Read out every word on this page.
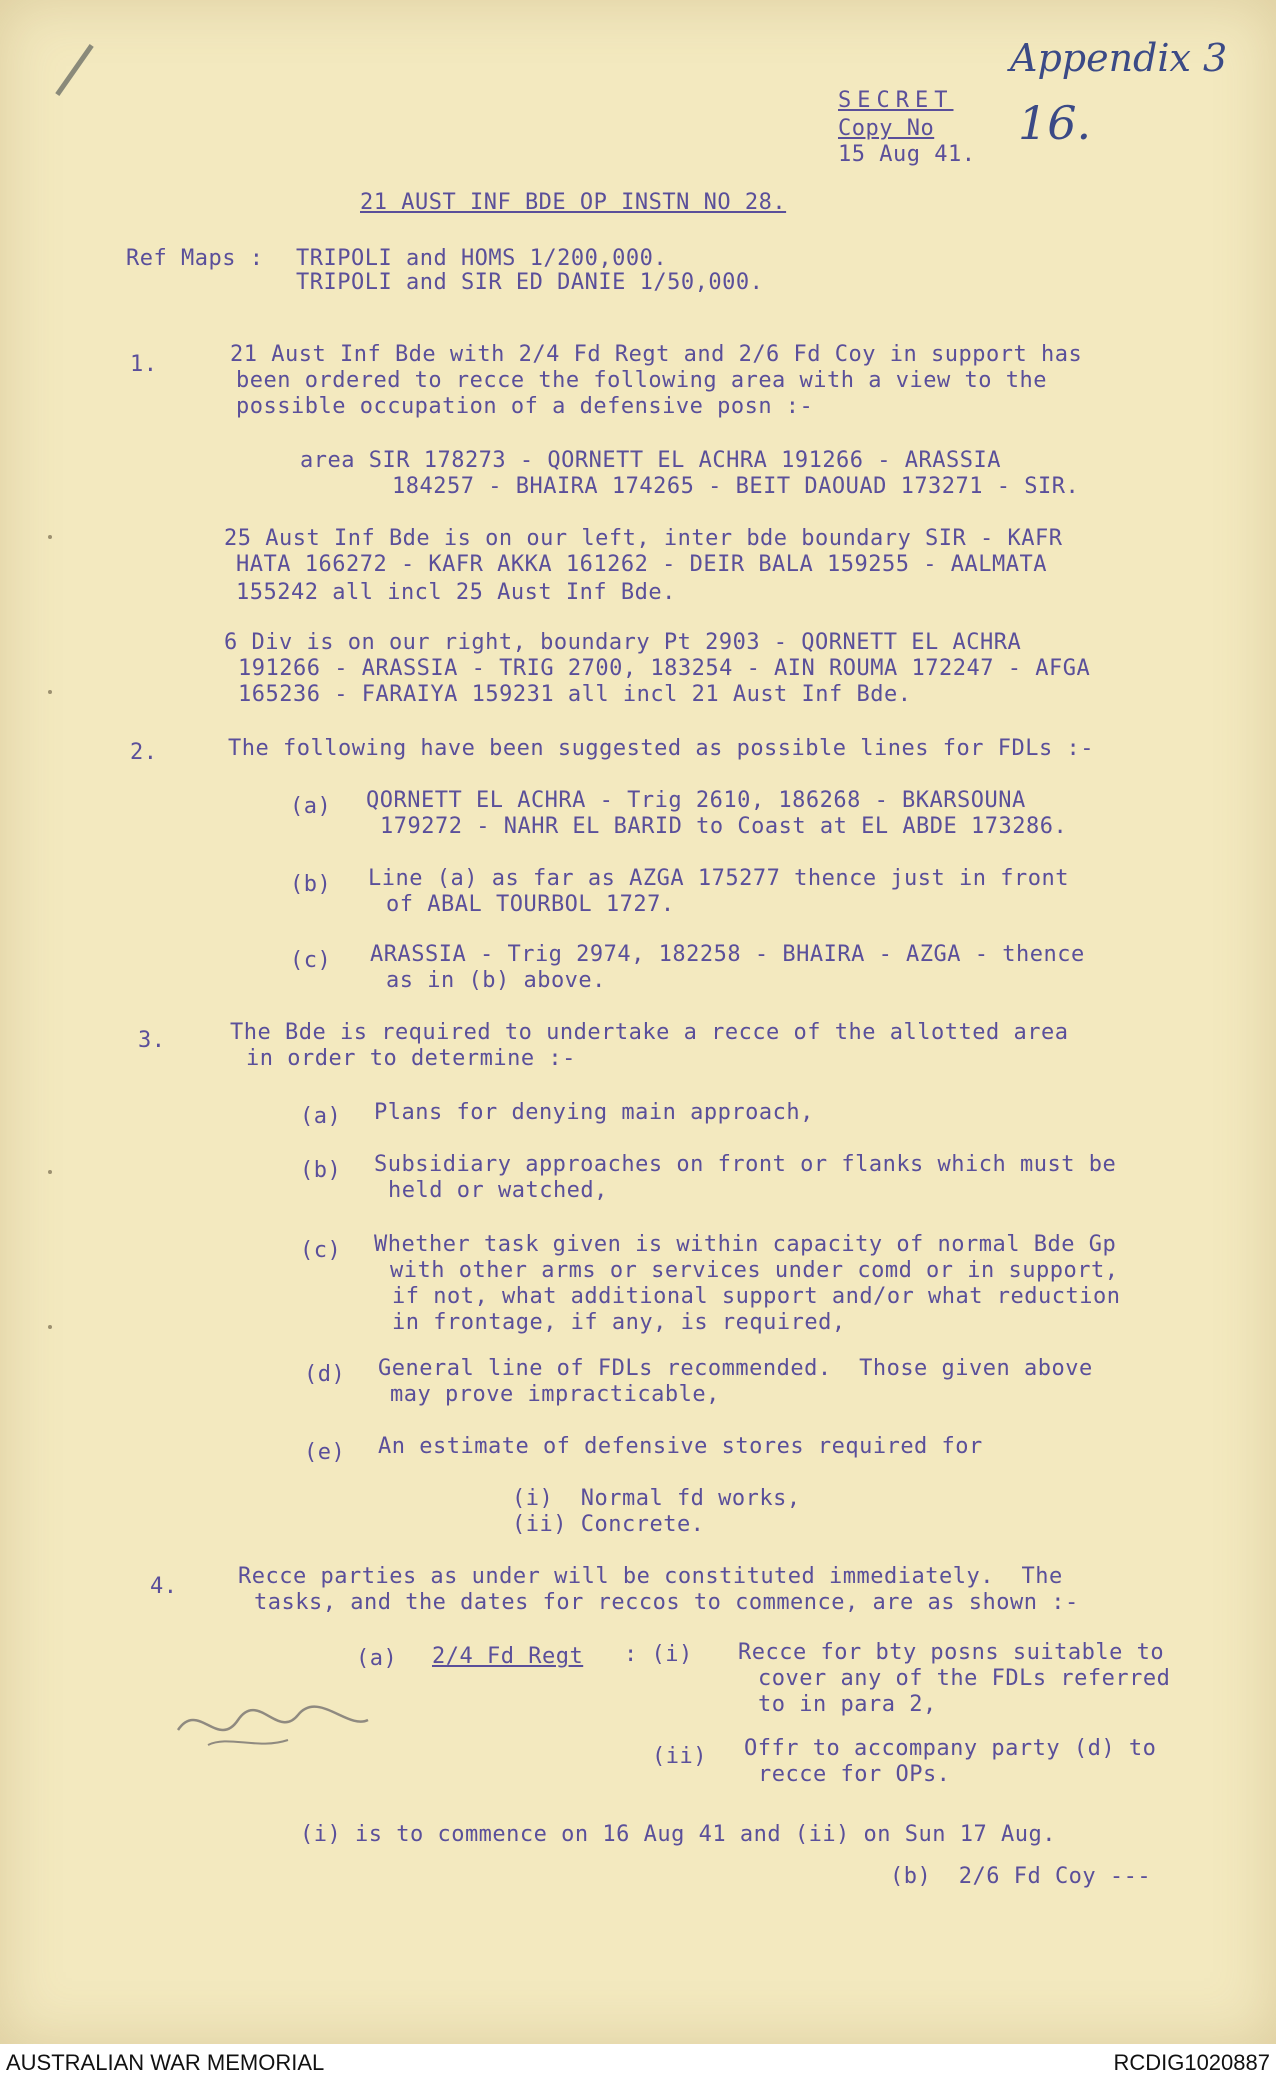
Appendix 3
16.
SECRET
Copy No
15 Aug 41.
21 AUST INF BDE OP INSTN NO 28.
Ref Maps : TRIPOLI and HOMS 1/200,000.
TRIPOLI and SIR ED DANIE 1/50,000.
1.	21 Aust Inf Bde with 2/4 Fd Regt and 2/6 Fd Coy in support has
been ordered to recce the following area with a view to the
possible occupation of a defensive posn :-
area SIR 178273 - QORNETT EL ACHRA 191266 - ARASSIA
184257 - BHAIRA 174265 - BEIT DAOUAD 173271 - SIR.
25 Aust Inf Bde is on our left, inter bde boundary SIR - KAFR
HATA 166272 - KAFR AKKA 161262 - DEIR BALA 159255 - AALMATA
155242 all incl 25 Aust Inf Bde.
6 Div is on our right, boundary Pt 2903 - QORNETT EL ACHRA
191266 - ARASSIA - TRIG 2700, 183254 - AIN ROUMA 172247 - AFGA
165236 - FARAIYA 159231 all incl 21 Aust Inf Bde.
2.	The following have been suggested as possible lines for FDLs :-
(a) QORNETT EL ACHRA - Trig 2610, 186268 - BKARSOUNA
179272 - NAHR EL BARID to Coast at EL ABDE 173286.
(b) Line (a) as far as AZGA 175277 thence just in front
of ABAL TOURBOL 1727.
(c) ARASSIA - Trig 2974, 182258 - BHAIRA - AZGA - thence
as in (b) above.
3.	The Bde is required to undertake a recce of the allotted area
in order to determine :-
(a) Plans for denying main approach,
(b) Subsidiary approaches on front or flanks which must be
held or watched,
(c) Whether task given is within capacity of normal Bde Gp
with other arms or services under comd or in support,
if not, what additional support and/or what reduction
in frontage, if any, is required,
(d) General line of FDLs recommended.  Those given above
may prove impracticable,
(e) An estimate of defensive stores required for
(i)  Normal fd works,
(ii) Concrete.
4.	Recce parties as under will be constituted immediately.  The
tasks, and the dates for reccos to commence, are as shown :-
(a) 2/4 Fd Regt : (i) Recce for bty posns suitable to
cover any of the FDLs referred
to in para 2,
(ii) Offr to accompany party (d) to
recce for OPs.
(i) is to commence on 16 Aug 41 and (ii) on Sun 17 Aug.
(b)  2/6 Fd Coy ---
AUSTRALIAN WAR MEMORIAL	RCDIG1020887
